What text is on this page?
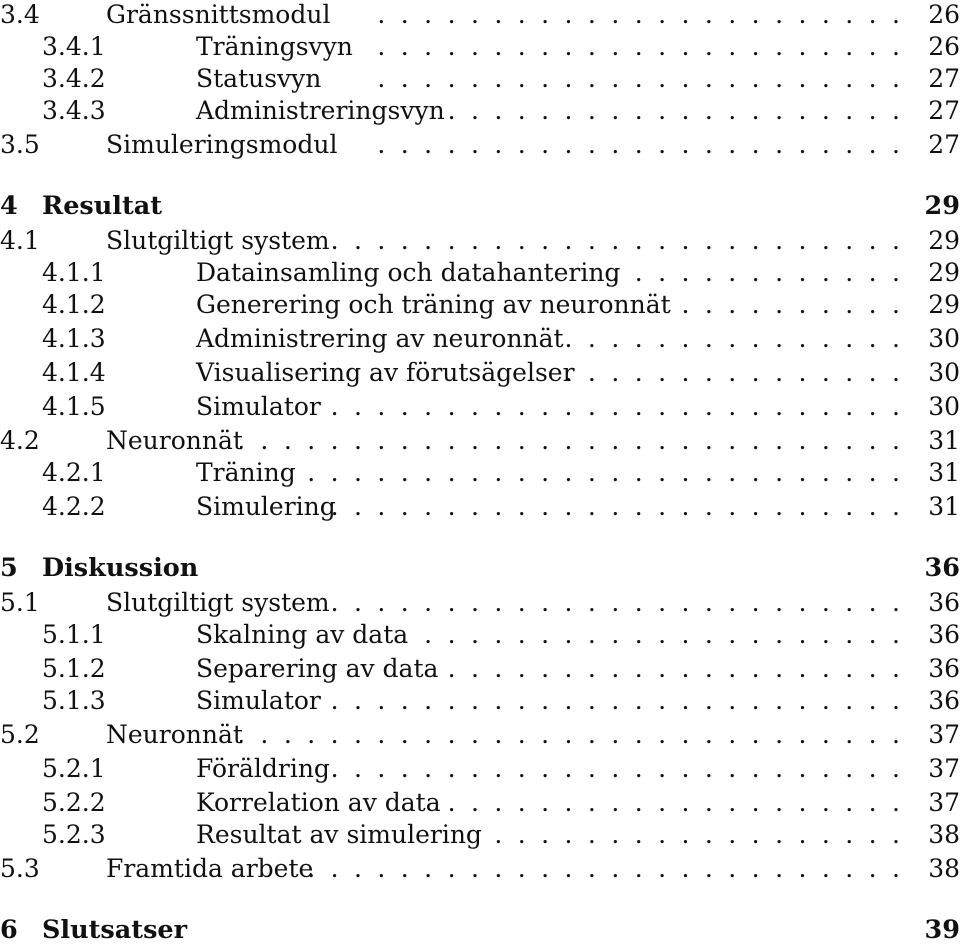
3.4	Gränssnittsmodul . . .	26
3.4.1	Träningsvyn . . .	26
3.4.2	Statusvyn . . .	27
3.4.3	Administreringsvyn . . .	27
3.5	Simuleringsmodul . . .	27
4 Resultat	29
4.1	Slutgiltigt system . . .	29
4.1.1	Datainsamling och datahantering . . .	29
4.1.2	Generering och träning av neuronnät . . .	29
4.1.3	Administrering av neuronnät . . .	30
4.1.4	Visualisering av förutsägelser . . .	30
4.1.5	Simulator . . .	30
4.2	Neuronnät . . .	31
4.2.1	Träning . . .	31
4.2.2	Simulering . . .	31
5 Diskussion	36
5.1	Slutgiltigt system . . .	36
5.1.1	Skalning av data . . .	36
5.1.2	Separering av data . . .	36
5.1.3	Simulator . . .	36
5.2	Neuronnät . . .	37
5.2.1	Föräldring . . .	37
5.2.2	Korrelation av data . . .	37
5.2.3	Resultat av simulering . . .	38
5.3	Framtida arbete . . .	38
6 Slutsatser	39
